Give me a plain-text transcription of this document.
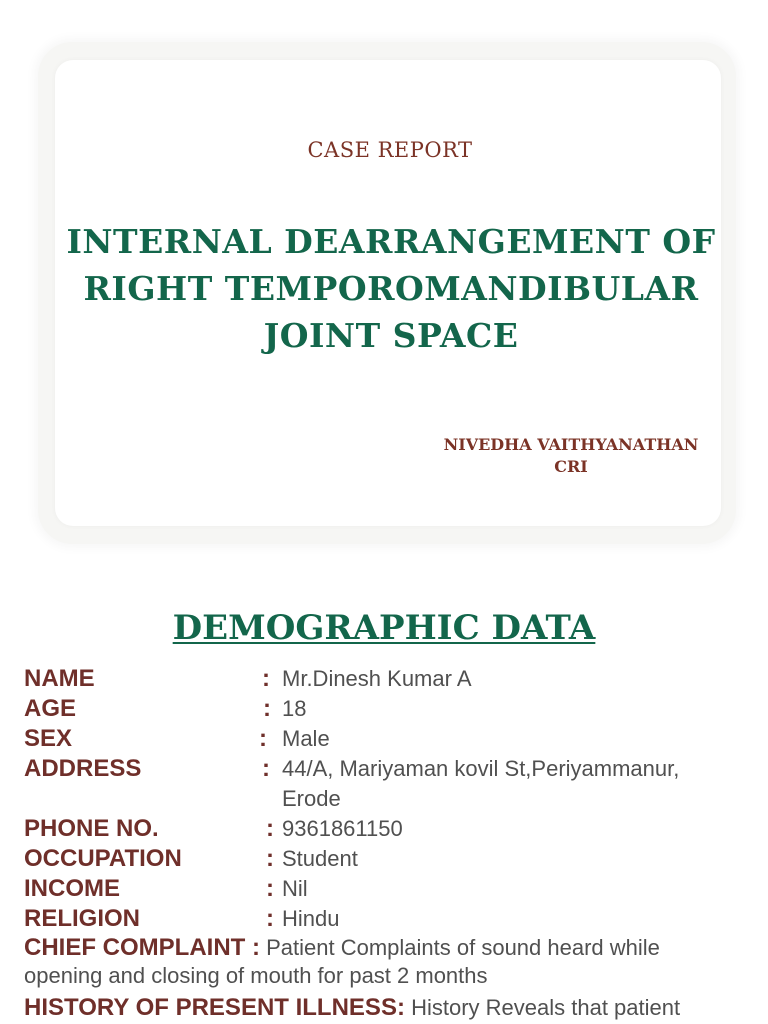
CASE REPORT
INTERNAL DEARRANGEMENT OF
RIGHT TEMPOROMANDIBULAR
JOINT SPACE
NIVEDHA VAITHYANATHAN
CRI
DEMOGRAPHIC DATA
NAME	: Mr.Dinesh Kumar A
AGE	: 18
SEX	: Male
ADDRESS	: 44/A, Mariyaman kovil St,Periyammanur, Erode
PHONE NO.	: 9361861150
OCCUPATION	: Student
INCOME	: Nil
RELIGION	: Hindu
CHIEF COMPLAINT : Patient Complaints of sound heard while opening and closing of mouth for past 2 months
HISTORY OF PRESENT ILLNESS: History Reveals that patient
